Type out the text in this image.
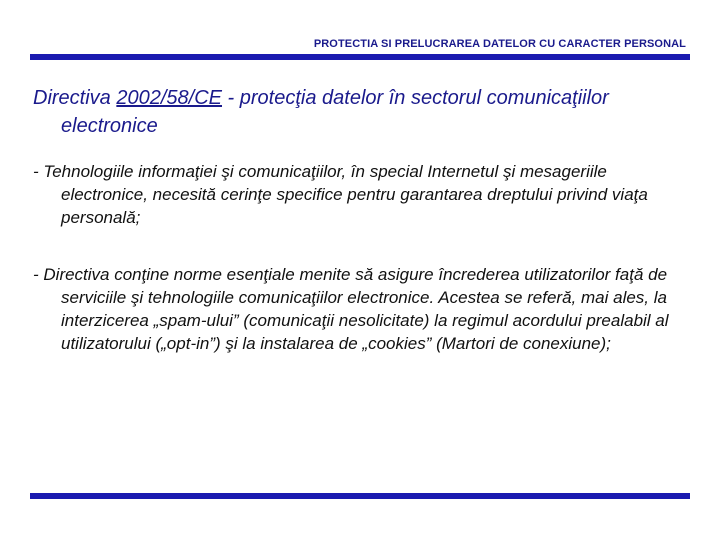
PROTECTIA SI PRELUCRAREA DATELOR CU CARACTER PERSONAL
Directiva 2002/58/CE - protecţia datelor în sectorul comunicaţiilor electronice
- Tehnologiile informaţiei şi comunicaţiilor, în special Internetul şi mesageriile electronice, necesită cerinţe specifice pentru garantarea dreptului privind viaţa personală;
- Directiva conţine norme esenţiale menite să asigure încrederea utilizatorilor faţă de serviciile şi tehnologiile comunicaţiilor electronice. Acestea se referă, mai ales, la interzicerea „spam-ului” (comunicaţii nesolicitate) la regimul acordului prealabil al utilizatorului („opt-in”) şi la instalarea de „cookies” (Martori de conexiune);
